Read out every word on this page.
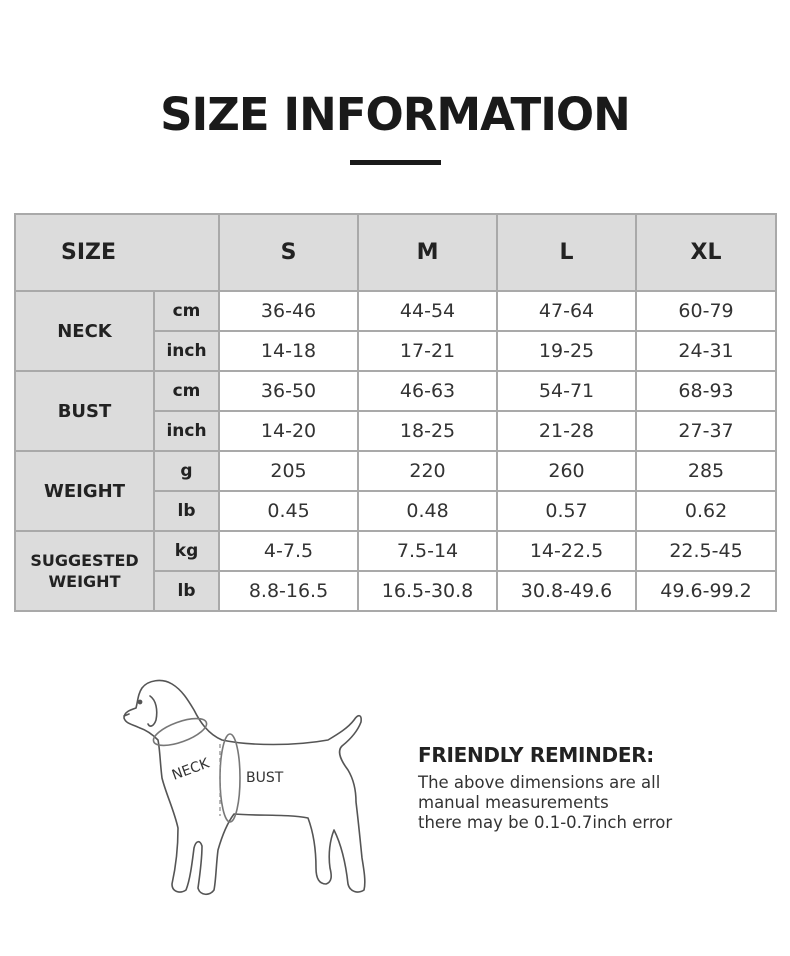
SIZE INFORMATION
SIZE		S	M	L	XL
NECK	cm	36-46	44-54	47-64	60-79
	inch	14-18	17-21	19-25	24-31
BUST	cm	36-50	46-63	54-71	68-93
	inch	14-20	18-25	21-28	27-37
WEIGHT	g	205	220	260	285
	lb	0.45	0.48	0.57	0.62

SUGGESTED
WEIGHT	kg	4-7.5	7.5-14	14-22.5	22.5-45
	lb	8.8-16.5	16.5-30.8	30.8-49.6	49.6-99.2
NECK BUST
FRIENDLY REMINDER:
The above dimensions are all
manual measurements
there may be 0.1-0.7inch error
